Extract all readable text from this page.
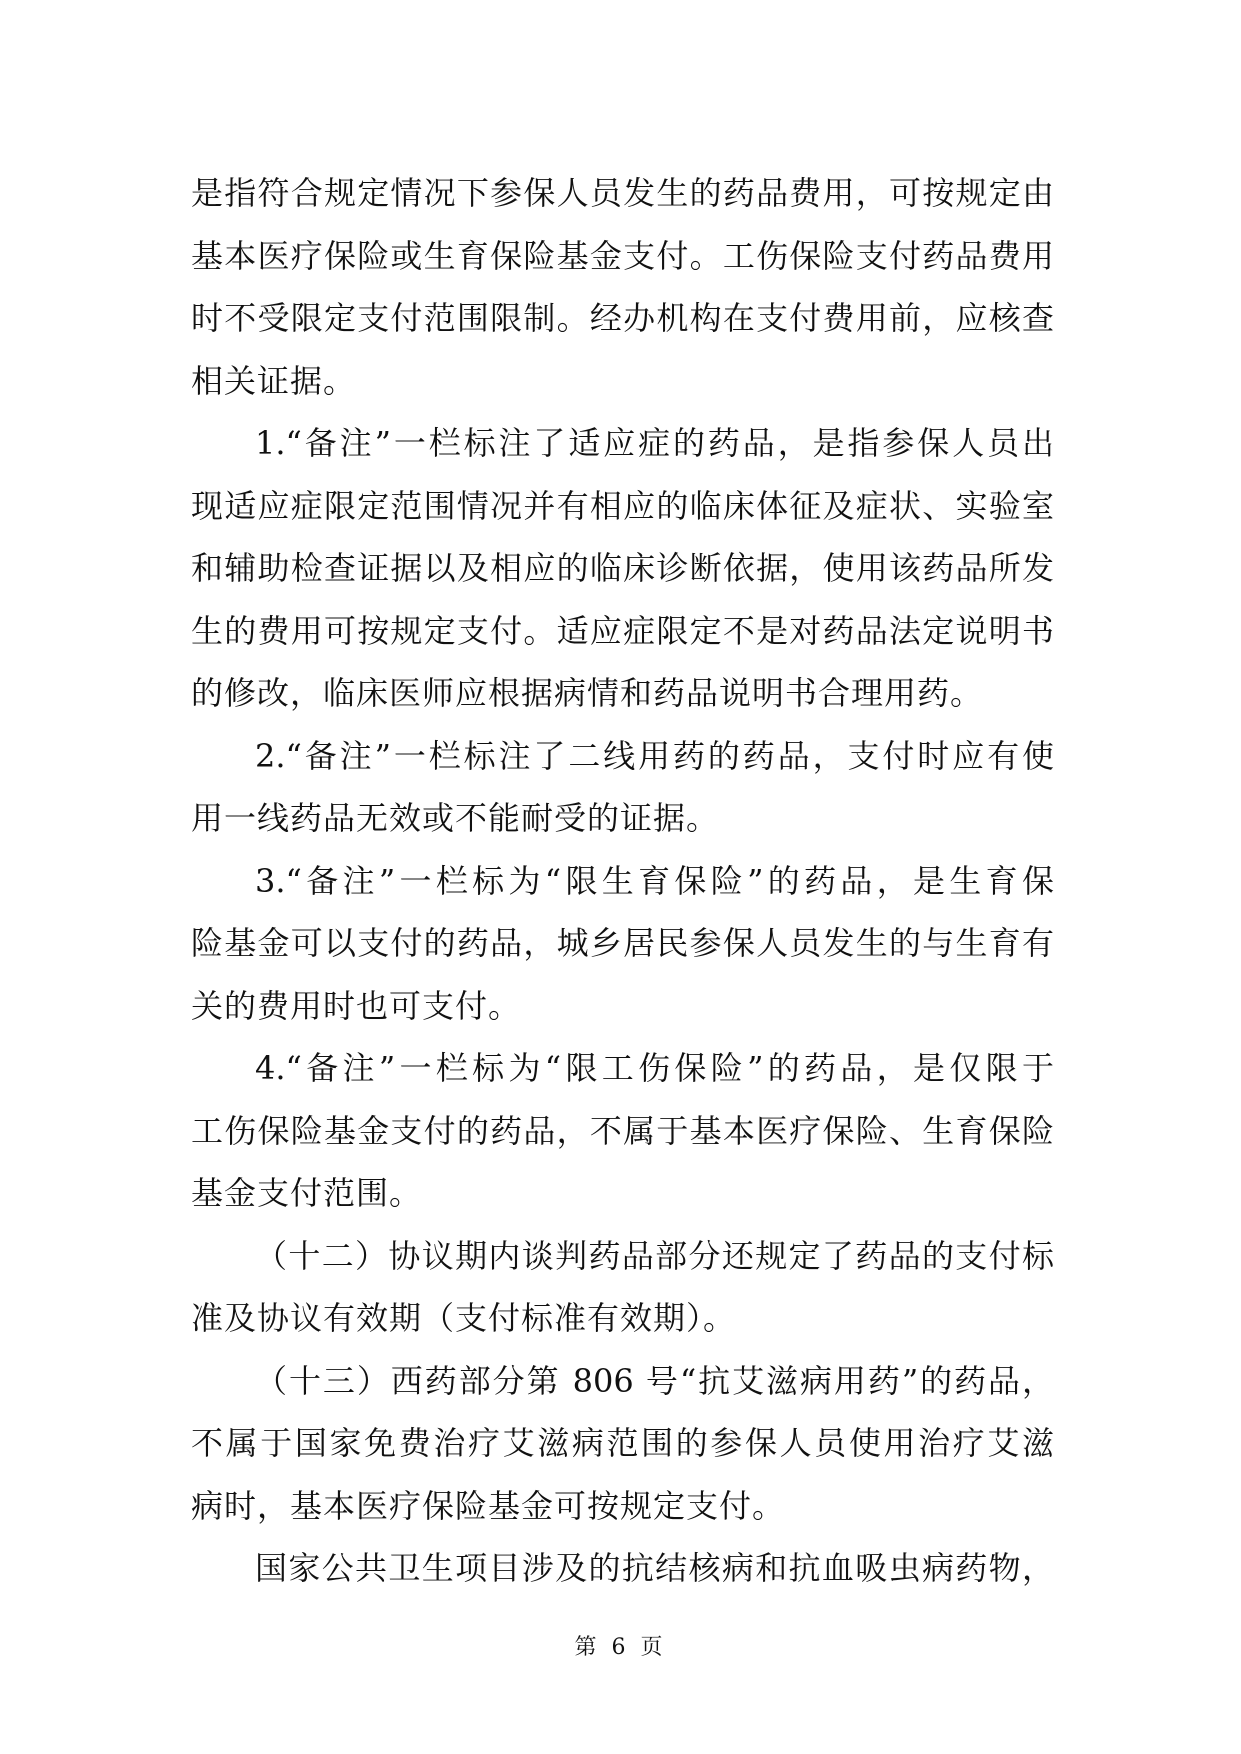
是指符合规定情况下参保人员发生的药品费用，可按规定由
基本医疗保险或生育保险基金支付。工伤保险支付药品费用
时不受限定支付范围限制。经办机构在支付费用前，应核查
相关证据。
1.“备注”一栏标注了适应症的药品，是指参保人员出
现适应症限定范围情况并有相应的临床体征及症状、实验室
和辅助检查证据以及相应的临床诊断依据，使用该药品所发
生的费用可按规定支付。适应症限定不是对药品法定说明书
的修改，临床医师应根据病情和药品说明书合理用药。
2.“备注”一栏标注了二线用药的药品，支付时应有使
用一线药品无效或不能耐受的证据。
3.“备注”一栏标为“限生育保险”的药品，是生育保
险基金可以支付的药品，城乡居民参保人员发生的与生育有
关的费用时也可支付。
4.“备注”一栏标为“限工伤保险”的药品，是仅限于
工伤保险基金支付的药品，不属于基本医疗保险、生育保险
基金支付范围。
（十二）协议期内谈判药品部分还规定了药品的支付标
准及协议有效期（支付标准有效期）。
（十三）西药部分第 806 号“抗艾滋病用药”的药品，
不属于国家免费治疗艾滋病范围的参保人员使用治疗艾滋
病时，基本医疗保险基金可按规定支付。
国家公共卫生项目涉及的抗结核病和抗血吸虫病药物，
第 6 页
